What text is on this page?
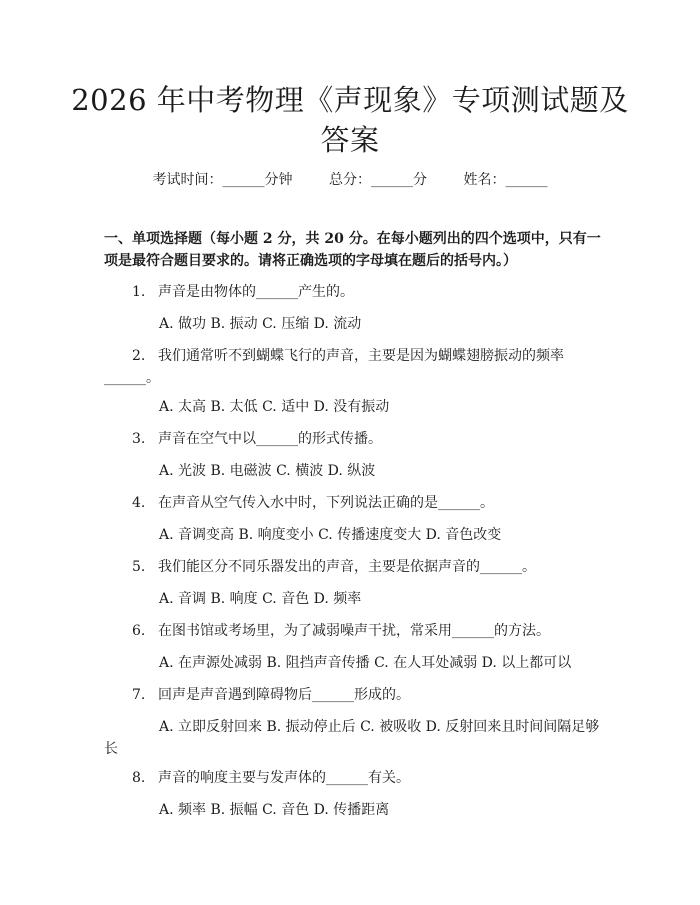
2026 年中考物理《声现象》专项测试题及答案
考试时间：______分钟	总分：______分	姓名：______
一、单项选择题（每小题 2 分，共 20 分。在每小题列出的四个选项中，只有一项是最符合题目要求的。请将正确选项的字母填在题后的括号内。）
1. 声音是由物体的______产生的。
A. 做功 B. 振动 C. 压缩 D. 流动
2. 我们通常听不到蝴蝶飞行的声音，主要是因为蝴蝶翅膀振动的频率______。
A. 太高 B. 太低 C. 适中 D. 没有振动
3. 声音在空气中以______的形式传播。
A. 光波 B. 电磁波 C. 横波 D. 纵波
4. 在声音从空气传入水中时，下列说法正确的是______。
A. 音调变高 B. 响度变小 C. 传播速度变大 D. 音色改变
5. 我们能区分不同乐器发出的声音，主要是依据声音的______。
A. 音调 B. 响度 C. 音色 D. 频率
6. 在图书馆或考场里，为了减弱噪声干扰，常采用______的方法。
A. 在声源处减弱 B. 阻挡声音传播 C. 在人耳处减弱 D. 以上都可以
7. 回声是声音遇到障碍物后______形成的。
A. 立即反射回来 B. 振动停止后 C. 被吸收 D. 反射回来且时间间隔足够长
8. 声音的响度主要与发声体的______有关。
A. 频率 B. 振幅 C. 音色 D. 传播距离
